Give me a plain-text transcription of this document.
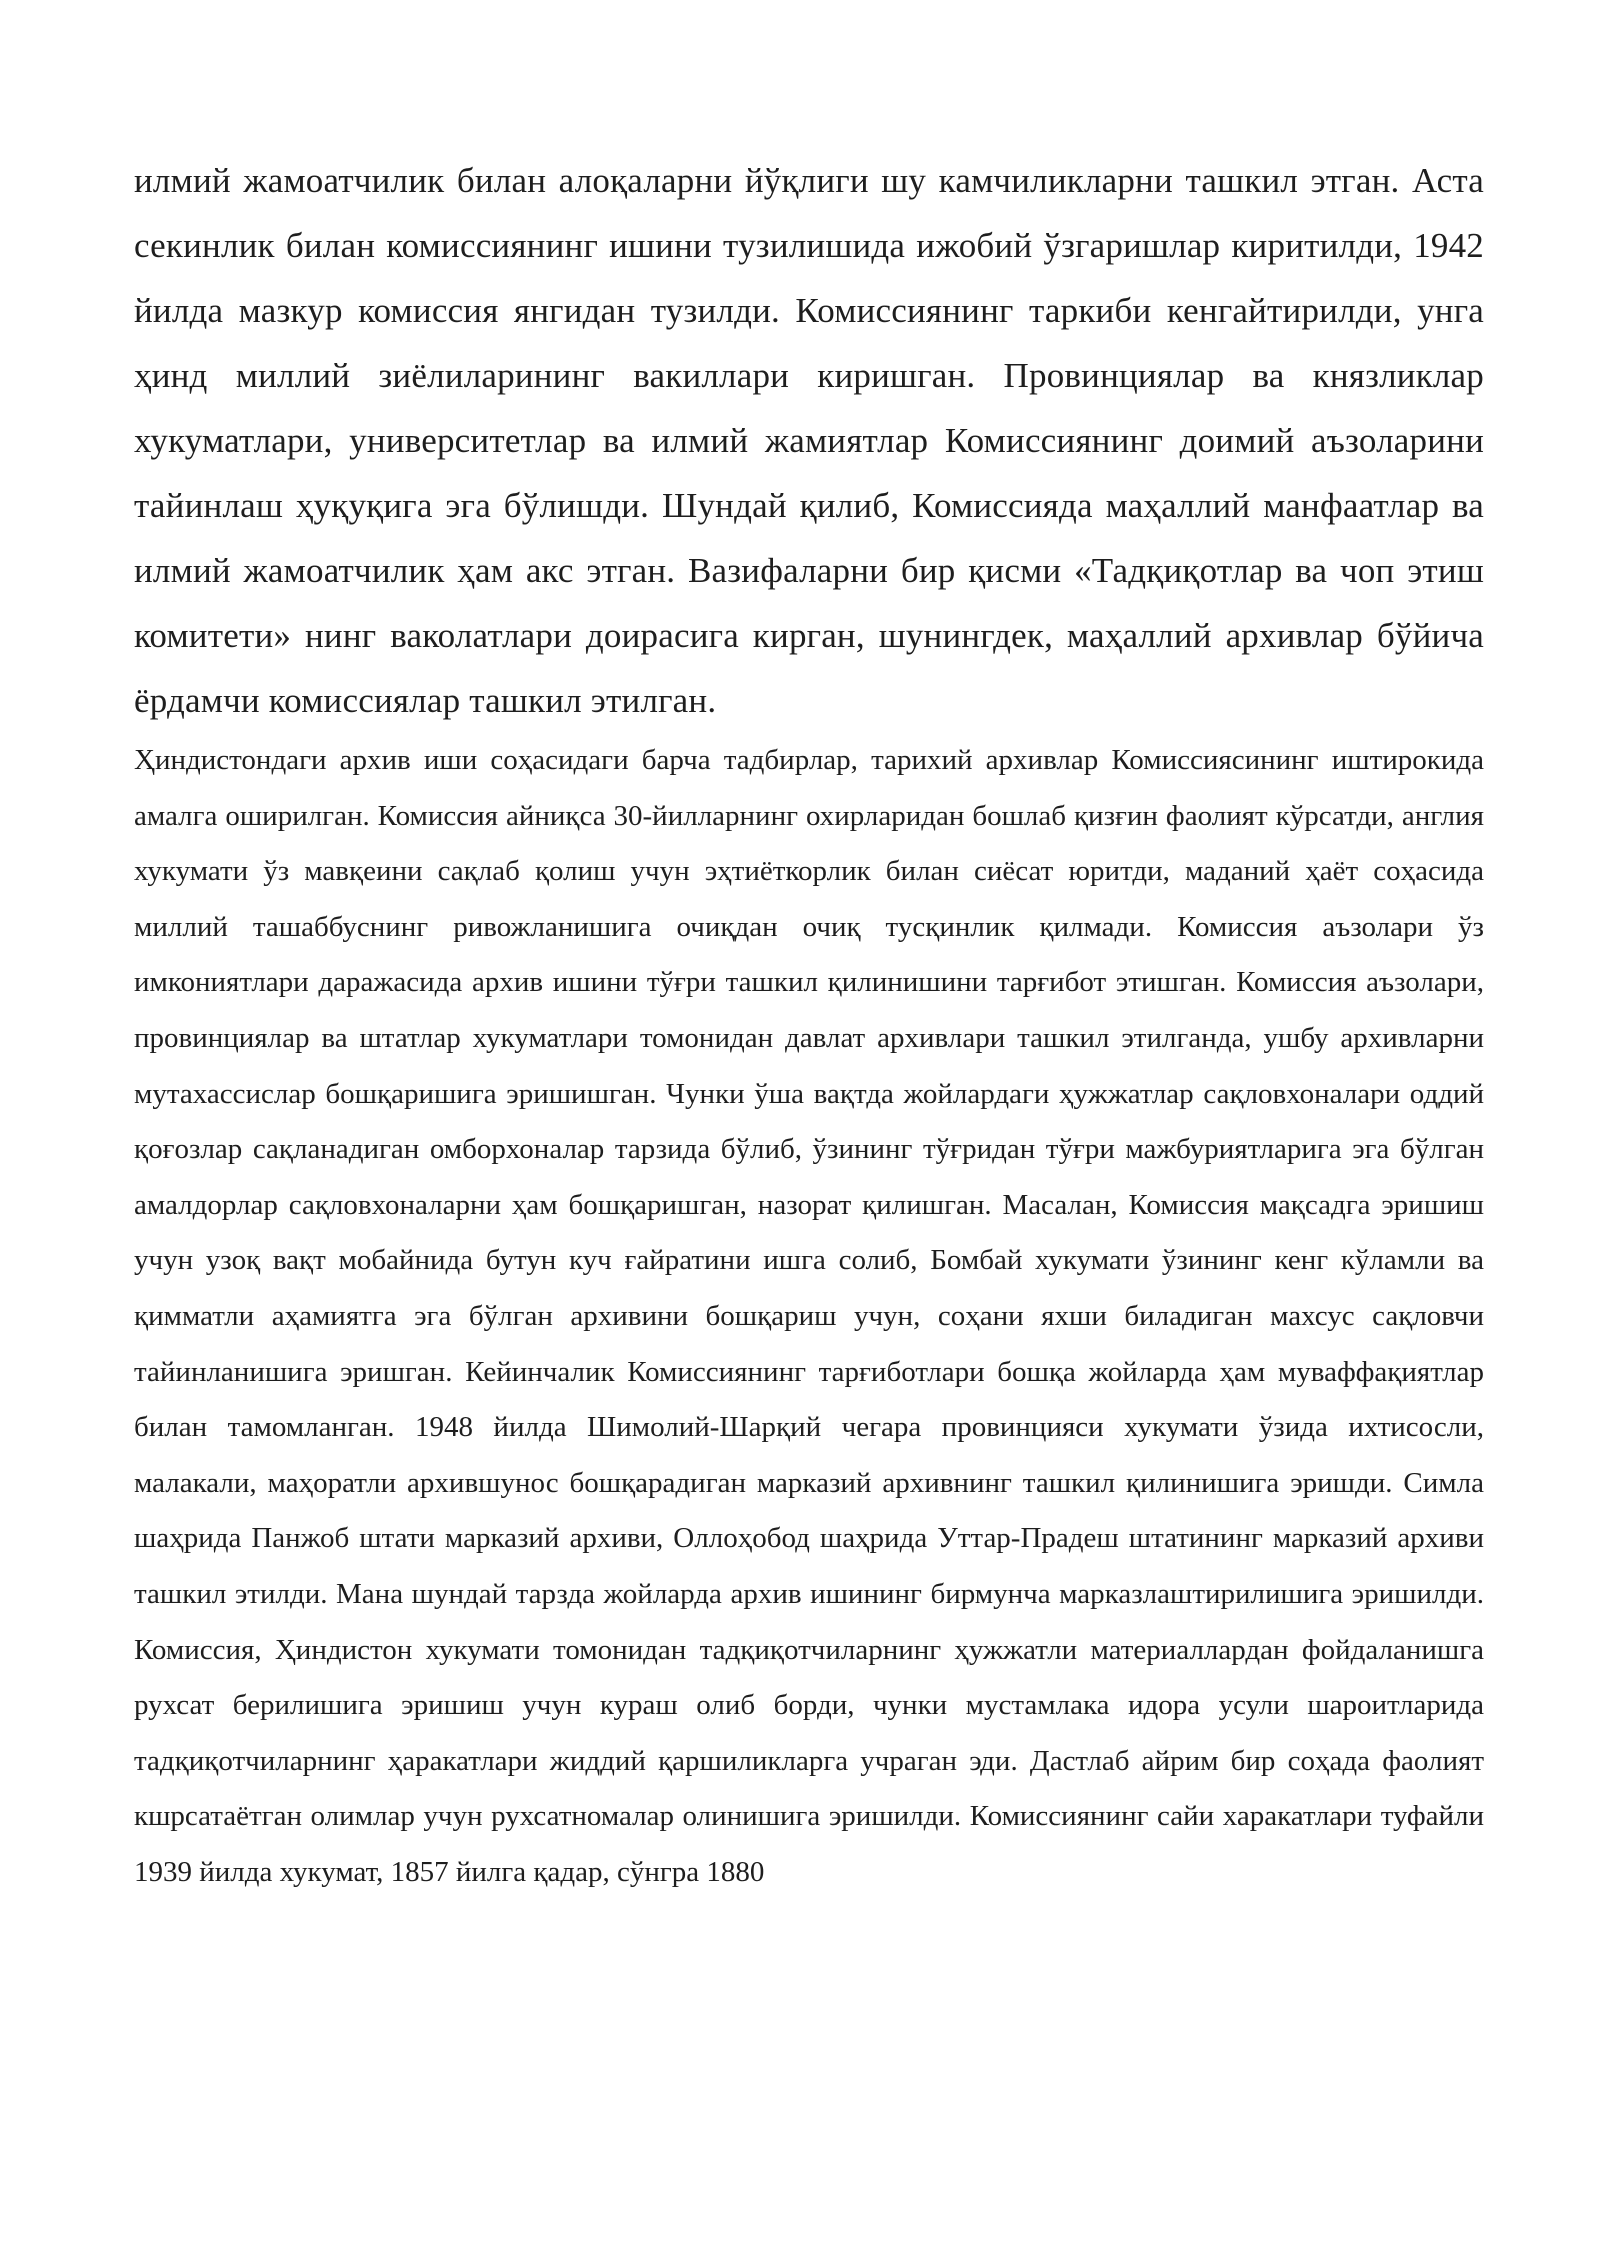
илмий жамоатчилик билан алоқаларни йўқлиги шу камчиликларни ташкил этган. Аста секинлик билан комиссиянинг ишини тузилишида ижобий ўзгаришлар киритилди, 1942 йилда мазкур комиссия янгидан тузилди. Комиссиянинг таркиби кенгайтирилди, унга ҳинд миллий зиёлиларининг вакиллари киришган. Провинциялар ва князликлар хукуматлари, университетлар ва илмий жамиятлар Комиссиянинг доимий аъзоларини тайинлаш ҳуқуқига эга бўлишди. Шундай қилиб, Комиссияда маҳаллий манфаатлар ва илмий жамоатчилик ҳам акс этган. Вазифаларни бир қисми «Тадқиқотлар ва чоп этиш комитети» нинг ваколатлари доирасига кирган, шунингдек, маҳаллий архивлар бўйича ёрдамчи комиссиялар ташкил этилган.

Ҳиндистондаги архив иши соҳасидаги барча тадбирлар, тарихий архивлар Комиссиясининг иштирокида амалга оширилган. Комиссия айниқса 30-йилларнинг охирларидан бошлаб қизғин фаолият кўрсатди, англия хукумати ўз мавқеини сақлаб қолиш учун эҳтиёткорлик билан сиёсат юритди, маданий ҳаёт соҳасида миллий ташаббуснинг ривожланишига очиқдан очиқ тусқинлик қилмади. Комиссия аъзолари ўз имкониятлари даражасида архив ишини тўғри ташкил қилинишини тарғибот этишган. Комиссия аъзолари, провинциялар ва штатлар хукуматлари томонидан давлат архивлари ташкил этилганда, ушбу архивларни мутахассислар бошқаришига эришишган. Чунки ўша вақтда жойлардаги ҳужжатлар сақловхоналари оддий қоғозлар сақланадиган омборхоналар тарзида бўлиб, ўзининг тўғридан тўғри мажбуриятларига эга бўлган амалдорлар сақловхоналарни ҳам бошқаришган, назорат қилишган. Масалан, Комиссия мақсадга эришиш учун узоқ вақт мобайнида бутун куч ғайратини ишга солиб, Бомбай хукумати ўзининг кенг кўламли ва қимматли аҳамиятга эга бўлган архивини бошқариш учун, соҳани яхши биладиган махсус сақловчи тайинланишига эришган. Кейинчалик Комиссиянинг тарғиботлари бошқа жойларда ҳам муваффақиятлар билан тамомланган. 1948 йилда Шимолий-Шарқий чегара провинцияси хукумати ўзида ихтисосли, малакали, маҳоратли архившунос бошқарадиган марказий архивнинг ташкил қилинишига эришди. Симла шаҳрида Панжоб штати марказий архиви, Оллоҳобод шаҳрида Уттар-Прадеш штатининг марказий архиви ташкил этилди. Мана шундай тарзда жойларда архив ишининг бирмунча марказлаштирилишига эришилди. Комиссия, Ҳиндистон хукумати томонидан тадқиқотчиларнинг ҳужжатли материаллардан фойдаланишга рухсат берилишига эришиш учун кураш олиб борди, чунки мустамлака идора усули шароитларида тадқиқотчиларнинг ҳаракатлари жиддий қаршиликларга учраган эди. Дастлаб айрим бир соҳада фаолият кшрсатаётган олимлар учун рухсатномалар олинишига эришилди. Комиссиянинг сайи харакатлари туфайли 1939 йилда хукумат, 1857 йилга қадар, сўнгра 1880
